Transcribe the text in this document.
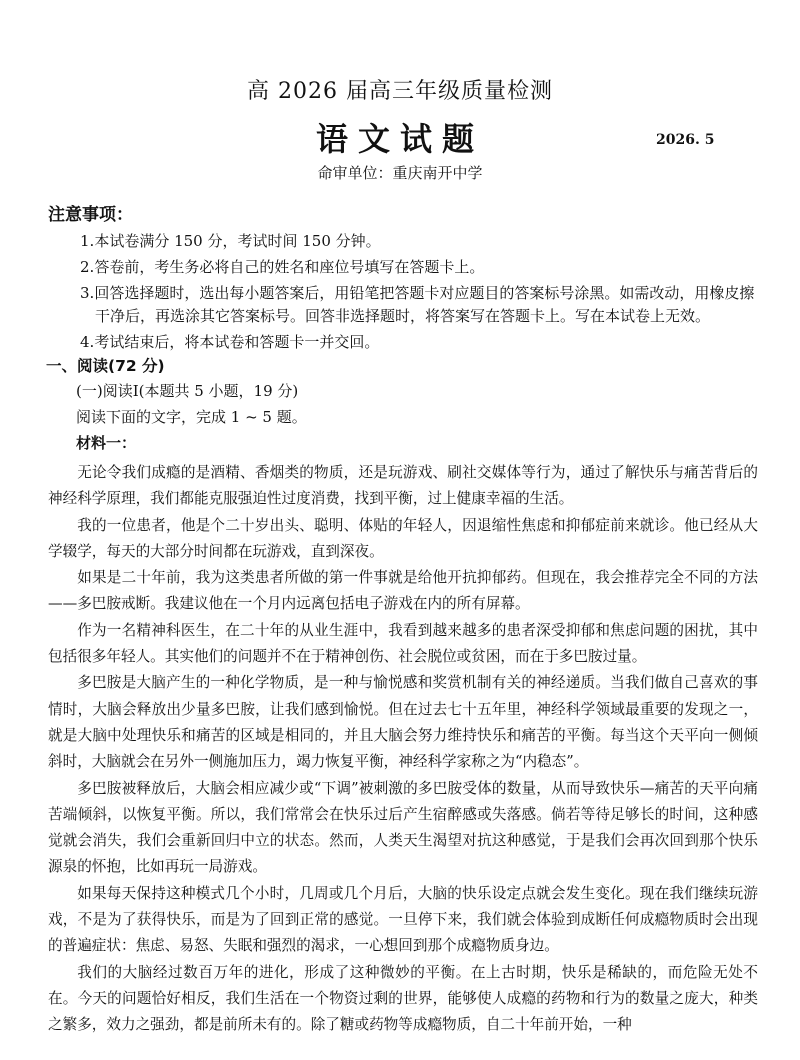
高 2026 届高三年级质量检测
语文试题	2026. 5
命审单位：重庆南开中学
注意事项：
1.本试卷满分 150 分，考试时间 150 分钟。
2.答卷前，考生务必将自己的姓名和座位号填写在答题卡上。
3.回答选择题时，选出每小题答案后，用铅笔把答题卡对应题目的答案标号涂黑。如需改动，用橡皮擦
干净后，再选涂其它答案标号。回答非选择题时，将答案写在答题卡上。写在本试卷上无效。
4.考试结束后，将本试卷和答题卡一并交回。
一、阅读(72 分)
(一)阅读Ⅰ(本题共 5 小题，19 分)
阅读下面的文字，完成 1 ~ 5 题。
材料一：

无论令我们成瘾的是酒精、香烟类的物质，还是玩游戏、刷社交媒体等行为，通过了解快乐与痛苦背后的神经科学原理，我们都能克服强迫性过度消费，找到平衡，过上健康幸福的生活。

我的一位患者，他是个二十岁出头、聪明、体贴的年轻人，因退缩性焦虑和抑郁症前来就诊。他已经从大学辍学，每天的大部分时间都在玩游戏，直到深夜。

如果是二十年前，我为这类患者所做的第一件事就是给他开抗抑郁药。但现在，我会推荐完全不同的方法——多巴胺戒断。我建议他在一个月内远离包括电子游戏在内的所有屏幕。

作为一名精神科医生，在二十年的从业生涯中，我看到越来越多的患者深受抑郁和焦虑问题的困扰，其中包括很多年轻人。其实他们的问题并不在于精神创伤、社会脱位或贫困，而在于多巴胺过量。

多巴胺是大脑产生的一种化学物质，是一种与愉悦感和奖赏机制有关的神经递质。当我们做自己喜欢的事情时，大脑会释放出少量多巴胺，让我们感到愉悦。但在过去七十五年里，神经科学领域最重要的发现之一，就是大脑中处理快乐和痛苦的区域是相同的，并且大脑会努力维持快乐和痛苦的平衡。每当这个天平向一侧倾斜时，大脑就会在另外一侧施加压力，竭力恢复平衡，神经科学家称之为“内稳态”。

多巴胺被释放后，大脑会相应减少或“下调”被刺激的多巴胺受体的数量，从而导致快乐—痛苦的天平向痛苦端倾斜，以恢复平衡。所以，我们常常会在快乐过后产生宿醉感或失落感。倘若等待足够长的时间，这种感觉就会消失，我们会重新回归中立的状态。然而，人类天生渴望对抗这种感觉，于是我们会再次回到那个快乐源泉的怀抱，比如再玩一局游戏。

如果每天保持这种模式几个小时，几周或几个月后，大脑的快乐设定点就会发生变化。现在我们继续玩游戏，不是为了获得快乐，而是为了回到正常的感觉。一旦停下来，我们就会体验到成断任何成瘾物质时会出现的普遍症状：焦虑、易怒、失眠和强烈的渴求，一心想回到那个成瘾物质身边。

我们的大脑经过数百万年的进化，形成了这种微妙的平衡。在上古时期，快乐是稀缺的，而危险无处不在。今天的问题恰好相反，我们生活在一个物资过剩的世界，能够使人成瘾的药物和行为的数量之庞大，种类之繁多，效力之强劲，都是前所未有的。除了糖或药物等成瘾物质，自二十年前开始，一种
